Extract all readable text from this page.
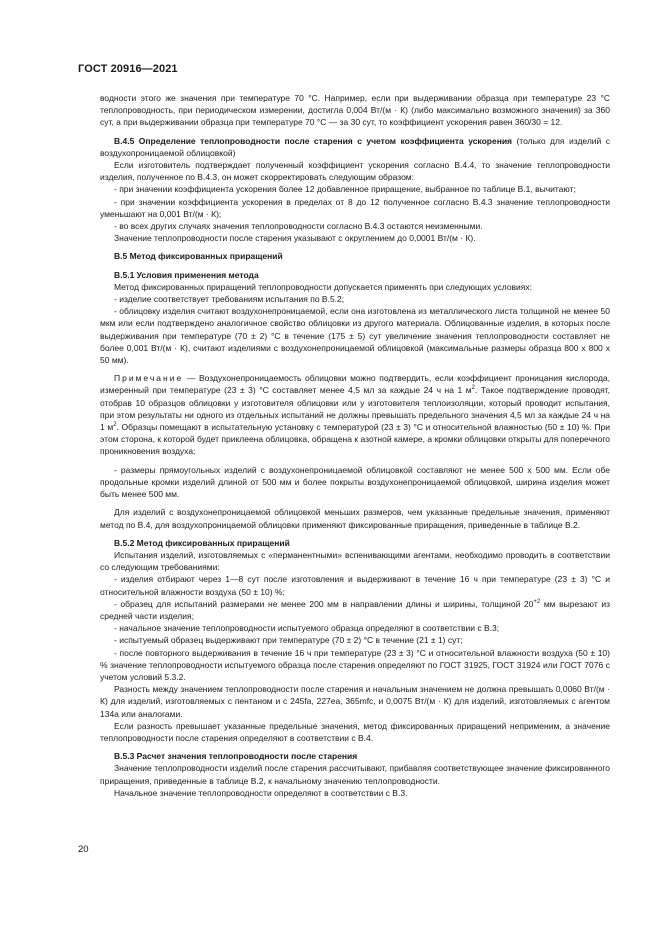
ГОСТ 20916—2021

водности этого же значения при температуре 70 °С. Например, если при выдерживании образца при температуре 23 °С теплопроводность, при периодическом измерении, достигла 0,004 Вт/(м · К) (либо максимально возможного значения) за 360 сут, а при выдерживании образца при температуре 70 °С — за 30 сут, то коэффициент ускорения равен 360/30 = 12.

В.4.5 Определение теплопроводности после старения с учетом коэффициента ускорения (только для изделий с воздухопроницаемой облицовкой)

Если изготовитель подтверждает полученный коэффициент ускорения согласно В.4.4, то значение теплопроводности изделия, полученное по В.4.3, он может скорректировать следующим образом:

- при значении коэффициента ускорения более 12 добавленное приращение, выбранное по таблице В.1, вычитают;

- при значении коэффициента ускорения в пределах от 8 до 12 полученное согласно В.4.3 значение теплопроводности уменьшают на 0,001 Вт/(м · К);

- во всех других случаях значения теплопроводности согласно В.4.3 остаются неизменными.

Значение теплопроводности после старения указывают с округлением до 0,0001 Вт/(м · К).

В.5 Метод фиксированных приращений

В.5.1 Условия применения метода

Метод фиксированных приращений теплопроводности допускается применять при следующих условиях:

- изделие соответствует требованиям испытания по В.5.2;

- облицовку изделия считают воздухонепроницаемой, если она изготовлена из металлического листа толщиной не менее 50 мкм или если подтверждено аналогичное свойство облицовки из другого материала. Облицованные изделия, в которых после выдерживания при температуре (70 ± 2) °С в течение (175 ± 5) сут увеличение значения теплопроводности составляет не более 0,001 Вт/(м · К), считают изделиями с воздухонепроницаемой облицовкой (максимальные размеры образца 800 х 800 х 50 мм).

Примечание — Воздухонепроницаемость облицовки можно подтвердить, если коэффициент проницания кислорода, измеренный при температуре (23 ± 3) °С составляет менее 4,5 мл за каждые 24 ч на 1 $м^2$. Такое подтверждение проводят, отобрав 10 образцов облицовки у изготовителя облицовки или у изготовителя теплоизоляции, который проводит испытания, при этом результаты ни одного из отдельных испытаний не должны превышать предельного значения 4,5 мл за каждые 24 ч на 1 $м^2$. Образцы помещают в испытательную установку с температурой (23 ± 3) °С и относительной влажностью (50 ± 10) %. При этом сторона, к которой будет приклеена облицовка, обращена к азотной камере, а кромки облицовки открыты для поперечного проникновения воздуха;

- размеры прямоугольных изделий с воздухонепроницаемой облицовкой составляют не менее 500 х 500 мм. Если обе продольные кромки изделий длиной от 500 мм и более покрыты воздухонепроницаемой облицовкой, ширина изделия может быть менее 500 мм.

Для изделий с воздухонепроницаемой облицовкой меньших размеров, чем указанные предельные значения, применяют метод по В.4, для воздухопроницаемой облицовки применяют фиксированные приращения, приведенные в таблице В.2.

В.5.2 Метод фиксированных приращений

Испытания изделий, изготовляемых с «перманентными» вспенивающими агентами, необходимо проводить в соответствии со следующим требованиями:

- изделия отбирают через 1—8 сут после изготовления и выдерживают в течение 16 ч при температуре (23 ± 3) °С и относительной влажности воздуха (50 ± 10) %;

- образец для испытаний размерами не менее 200 мм в направлении длины и ширины, толщиной $20^{+2}$ мм вырезают из средней части изделия;

- начальное значение теплопроводности испытуемого образца определяют в соответствии с В.3;

- испытуемый образец выдерживают при температуре (70 ± 2) °С в течение (21 ± 1) сут;

- после повторного выдерживания в течение 16 ч при температуре (23 ± 3) °С и относительной влажности воздуха (50 ± 10) % значение теплопроводности испытуемого образца после старения определяют по ГОСТ 31925, ГОСТ 31924 или ГОСТ 7076 с учетом условий 5.3.2.

Разность между значением теплопроводности после старения и начальным значением не должна превышать 0,0060 Вт/(м · К) для изделий, изготовляемых с пентаном и с 245fa, 227ea, 365mfc, и 0,0075 Вт/(м · К) для изделий, изготовляемых с агентом 134а или аналогами.

Если разность превышает указанные предельные значения, метод фиксированных приращений неприменим, а значение теплопроводности после старения определяют в соответствии с В.4.

В.5.3 Расчет значения теплопроводности после старения

Значение теплопроводности изделий после старения рассчитывают, прибавляя соответствующее значение фиксированного приращения, приведенные в таблице В.2, к начальному значению теплопроводности.

Начальное значение теплопроводности определяют в соответствии с В.3.

20
